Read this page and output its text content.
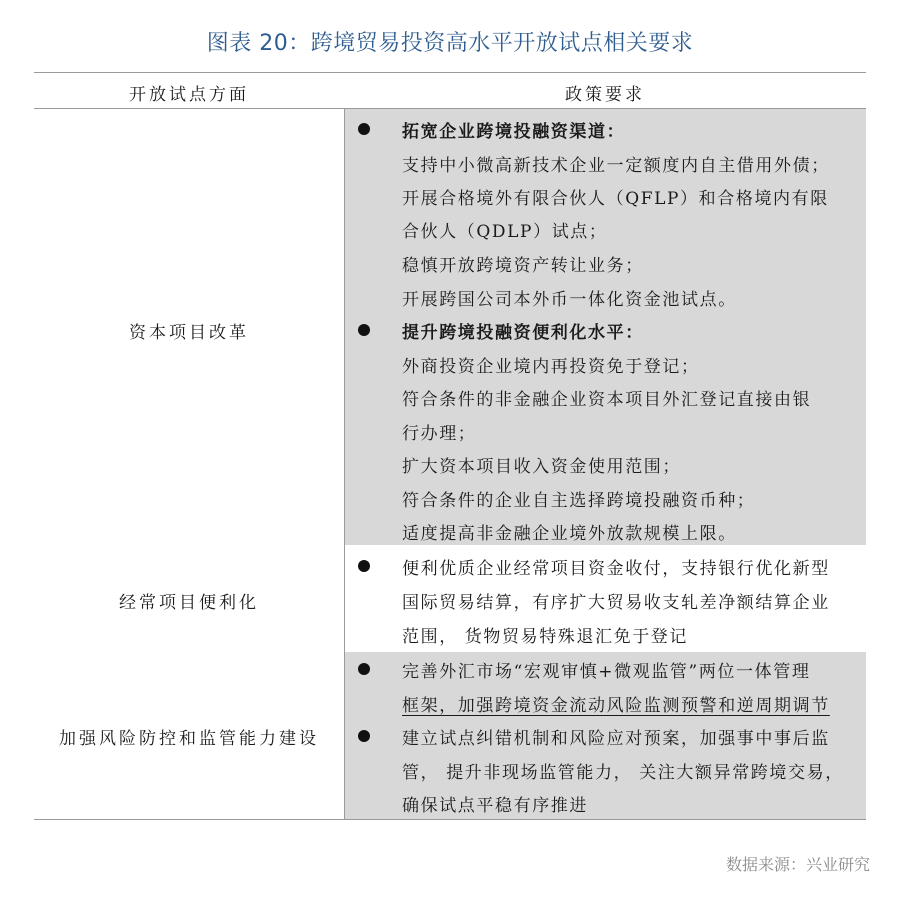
图表 20：跨境贸易投资高水平开放试点相关要求
开放试点方面	政策要求
资本项目改革
拓宽企业跨境投融资渠道：
支持中小微高新技术企业一定额度内自主借用外债；
开展合格境外有限合伙人（QFLP）和合格境内有限
合伙人（QDLP）试点；
稳慎开放跨境资产转让业务；
开展跨国公司本外币一体化资金池试点。
提升跨境投融资便利化水平：
外商投资企业境内再投资免于登记；
符合条件的非金融企业资本项目外汇登记直接由银
行办理；
扩大资本项目收入资金使用范围；
符合条件的企业自主选择跨境投融资币种；
适度提高非金融企业境外放款规模上限。
经常项目便利化
便利优质企业经常项目资金收付，支持银行优化新型
国际贸易结算，有序扩大贸易收支轧差净额结算企业
范围， 货物贸易特殊退汇免于登记
加强风险防控和监管能力建设
完善外汇市场“宏观审慎+微观监管”两位一体管理
框架，加强跨境资金流动风险监测预警和逆周期调节
建立试点纠错机制和风险应对预案，加强事中事后监
管， 提升非现场监管能力， 关注大额异常跨境交易，
确保试点平稳有序推进
数据来源：兴业研究
